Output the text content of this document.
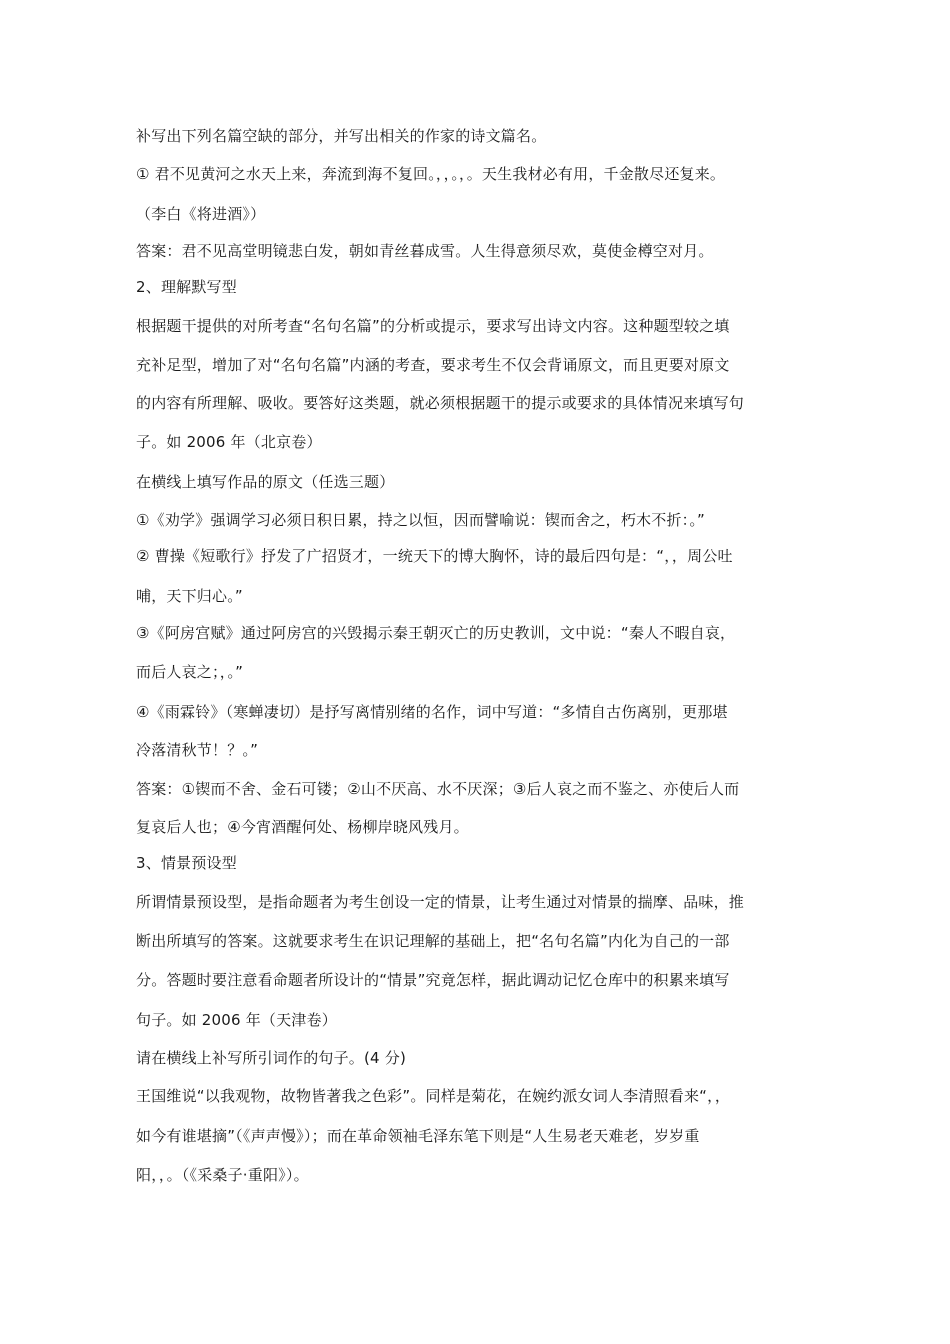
补写出下列名篇空缺的部分，并写出相关的作家的诗文篇名。
① 君不见黄河之水天上来，奔流到海不复回。，，。，。天生我材必有用，千金散尽还复来。
（李白《将进酒》）
答案：君不见高堂明镜悲白发，朝如青丝暮成雪。人生得意须尽欢，莫使金樽空对月。
2、理解默写型
根据题干提供的对所考查“名句名篇”的分析或提示，要求写出诗文内容。这种题型较之填
充补足型，增加了对“名句名篇”内涵的考查，要求考生不仅会背诵原文，而且更要对原文
的内容有所理解、吸收。要答好这类题，就必须根据题干的提示或要求的具体情况来填写句
子。如 2006 年（北京卷）
在横线上填写作品的原文（任选三题）
①《劝学》强调学习必须日积日累，持之以恒，因而譬喻说：锲而舍之，朽木不折：。”
② 曹操《短歌行》抒发了广招贤才，一统天下的博大胸怀，诗的最后四句是：“，，周公吐
哺，天下归心。”
③《阿房宫赋》通过阿房宫的兴毁揭示秦王朝灭亡的历史教训，文中说：“秦人不暇自哀，
而后人哀之；，。”
④《雨霖铃》（寒蝉凄切）是抒写离情别绪的名作，词中写道：“多情自古伤离别，更那堪
冷落清秋节！？。”
答案：①锲而不舍、金石可镂；②山不厌高、水不厌深；③后人哀之而不鉴之、亦使后人而
复哀后人也；④今宵酒醒何处、杨柳岸晓风残月。
3、情景预设型
所谓情景预设型，是指命题者为考生创设一定的情景，让考生通过对情景的揣摩、品味，推
断出所填写的答案。这就要求考生在识记理解的基础上，把“名句名篇”内化为自己的一部
分。答题时要注意看命题者所设计的“情景”究竟怎样，据此调动记忆仓库中的积累来填写
句子。如 2006 年（天津卷）
请在横线上补写所引词作的句子。(4 分)
王国维说“以我观物，故物皆著我之色彩”。同样是菊花，在婉约派女词人李清照看来“，，
如今有谁堪摘”（《声声慢》）；而在革命领袖毛泽东笔下则是“人生易老天难老，岁岁重
阳，，。（《采桑子·重阳》）。
